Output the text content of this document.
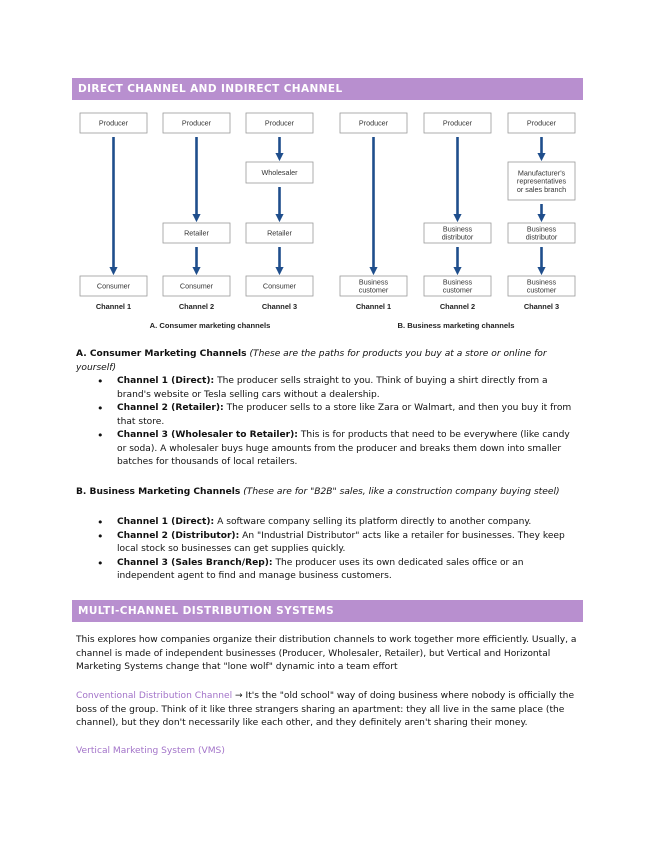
DIRECT CHANNEL AND INDIRECT CHANNEL
Producer
Consumer
Channel 1
Producer
Retailer
Consumer
Channel 2
Producer
Wholesaler
Retailer
Consumer
Channel 3
Producer
Business customer
Channel 1
Producer
Business distributor
Business customer
Channel 2
Producer
Manufacturer's representatives or sales branch
Business distributor
Business customer
Channel 3
A. Consumer marketing channels	B. Business marketing channels
A. Consumer Marketing Channels (These are the paths for products you buy at a store or online for yourself)
• Channel 1 (Direct): The producer sells straight to you. Think of buying a shirt directly from a brand's website or Tesla selling cars without a dealership.
• Channel 2 (Retailer): The producer sells to a store like Zara or Walmart, and then you buy it from that store.
• Channel 3 (Wholesaler to Retailer): This is for products that need to be everywhere (like candy or soda). A wholesaler buys huge amounts from the producer and breaks them down into smaller batches for thousands of local retailers.
B. Business Marketing Channels (These are for "B2B" sales, like a construction company buying steel)
• Channel 1 (Direct): A software company selling its platform directly to another company.
• Channel 2 (Distributor): An "Industrial Distributor" acts like a retailer for businesses. They keep local stock so businesses can get supplies quickly.
• Channel 3 (Sales Branch/Rep): The producer uses its own dedicated sales office or an independent agent to find and manage business customers.
MULTI-CHANNEL DISTRIBUTION SYSTEMS
This explores how companies organize their distribution channels to work together more efficiently. Usually, a channel is made of independent businesses (Producer, Wholesaler, Retailer), but Vertical and Horizontal Marketing Systems change that "lone wolf" dynamic into a team effort
Conventional Distribution Channel → It's the "old school" way of doing business where nobody is officially the boss of the group. Think of it like three strangers sharing an apartment: they all live in the same place (the channel), but they don't necessarily like each other, and they definitely aren't sharing their money.
Vertical Marketing System (VMS)
